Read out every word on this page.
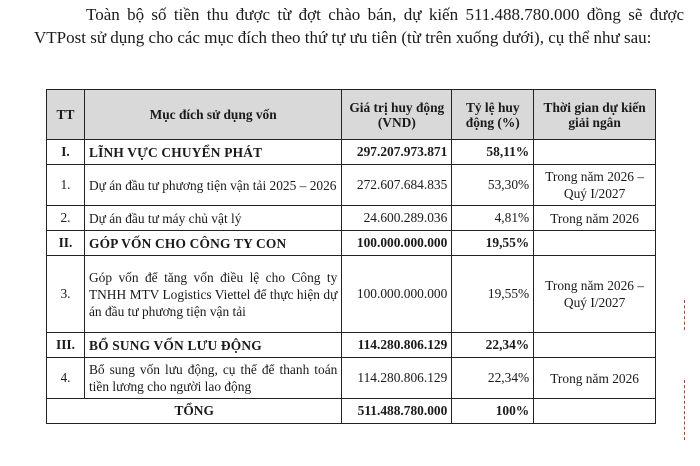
Toàn bộ số tiền thu được từ đợt chào bán, dự kiến 511.488.780.000 đồng sẽ được VTPost sử dụng cho các mục đích theo thứ tự ưu tiên (từ trên xuống dưới), cụ thể như sau:

TT	Mục đích sử dụng vốn	Giá trị huy động (VND)	Tỷ lệ huy động (%)	Thời gian dự kiến giải ngân
I.	LĨNH VỰC CHUYỂN PHÁT	297.207.973.871	58,11%	
1.	Dự án đầu tư phương tiện vận tải 2025 – 2026	272.607.684.835	53,30%	Trong năm 2026 – Quý I/2027
2.	Dự án đầu tư máy chủ vật lý	24.600.289.036	4,81%	Trong năm 2026
II.	GÓP VỐN CHO CÔNG TY CON	100.000.000.000	19,55%	
3.	Góp vốn để tăng vốn điều lệ cho Công ty TNHH MTV Logistics Viettel để thực hiện dự án đầu tư phương tiện vận tải	100.000.000.000	19,55%	Trong năm 2026 – Quý I/2027
III.	BỔ SUNG VỐN LƯU ĐỘNG	114.280.806.129	22,34%	
4.	Bổ sung vốn lưu động, cụ thể để thanh toán tiền lương cho người lao động	114.280.806.129	22,34%	Trong năm 2026
TỔNG		511.488.780.000	100%	
